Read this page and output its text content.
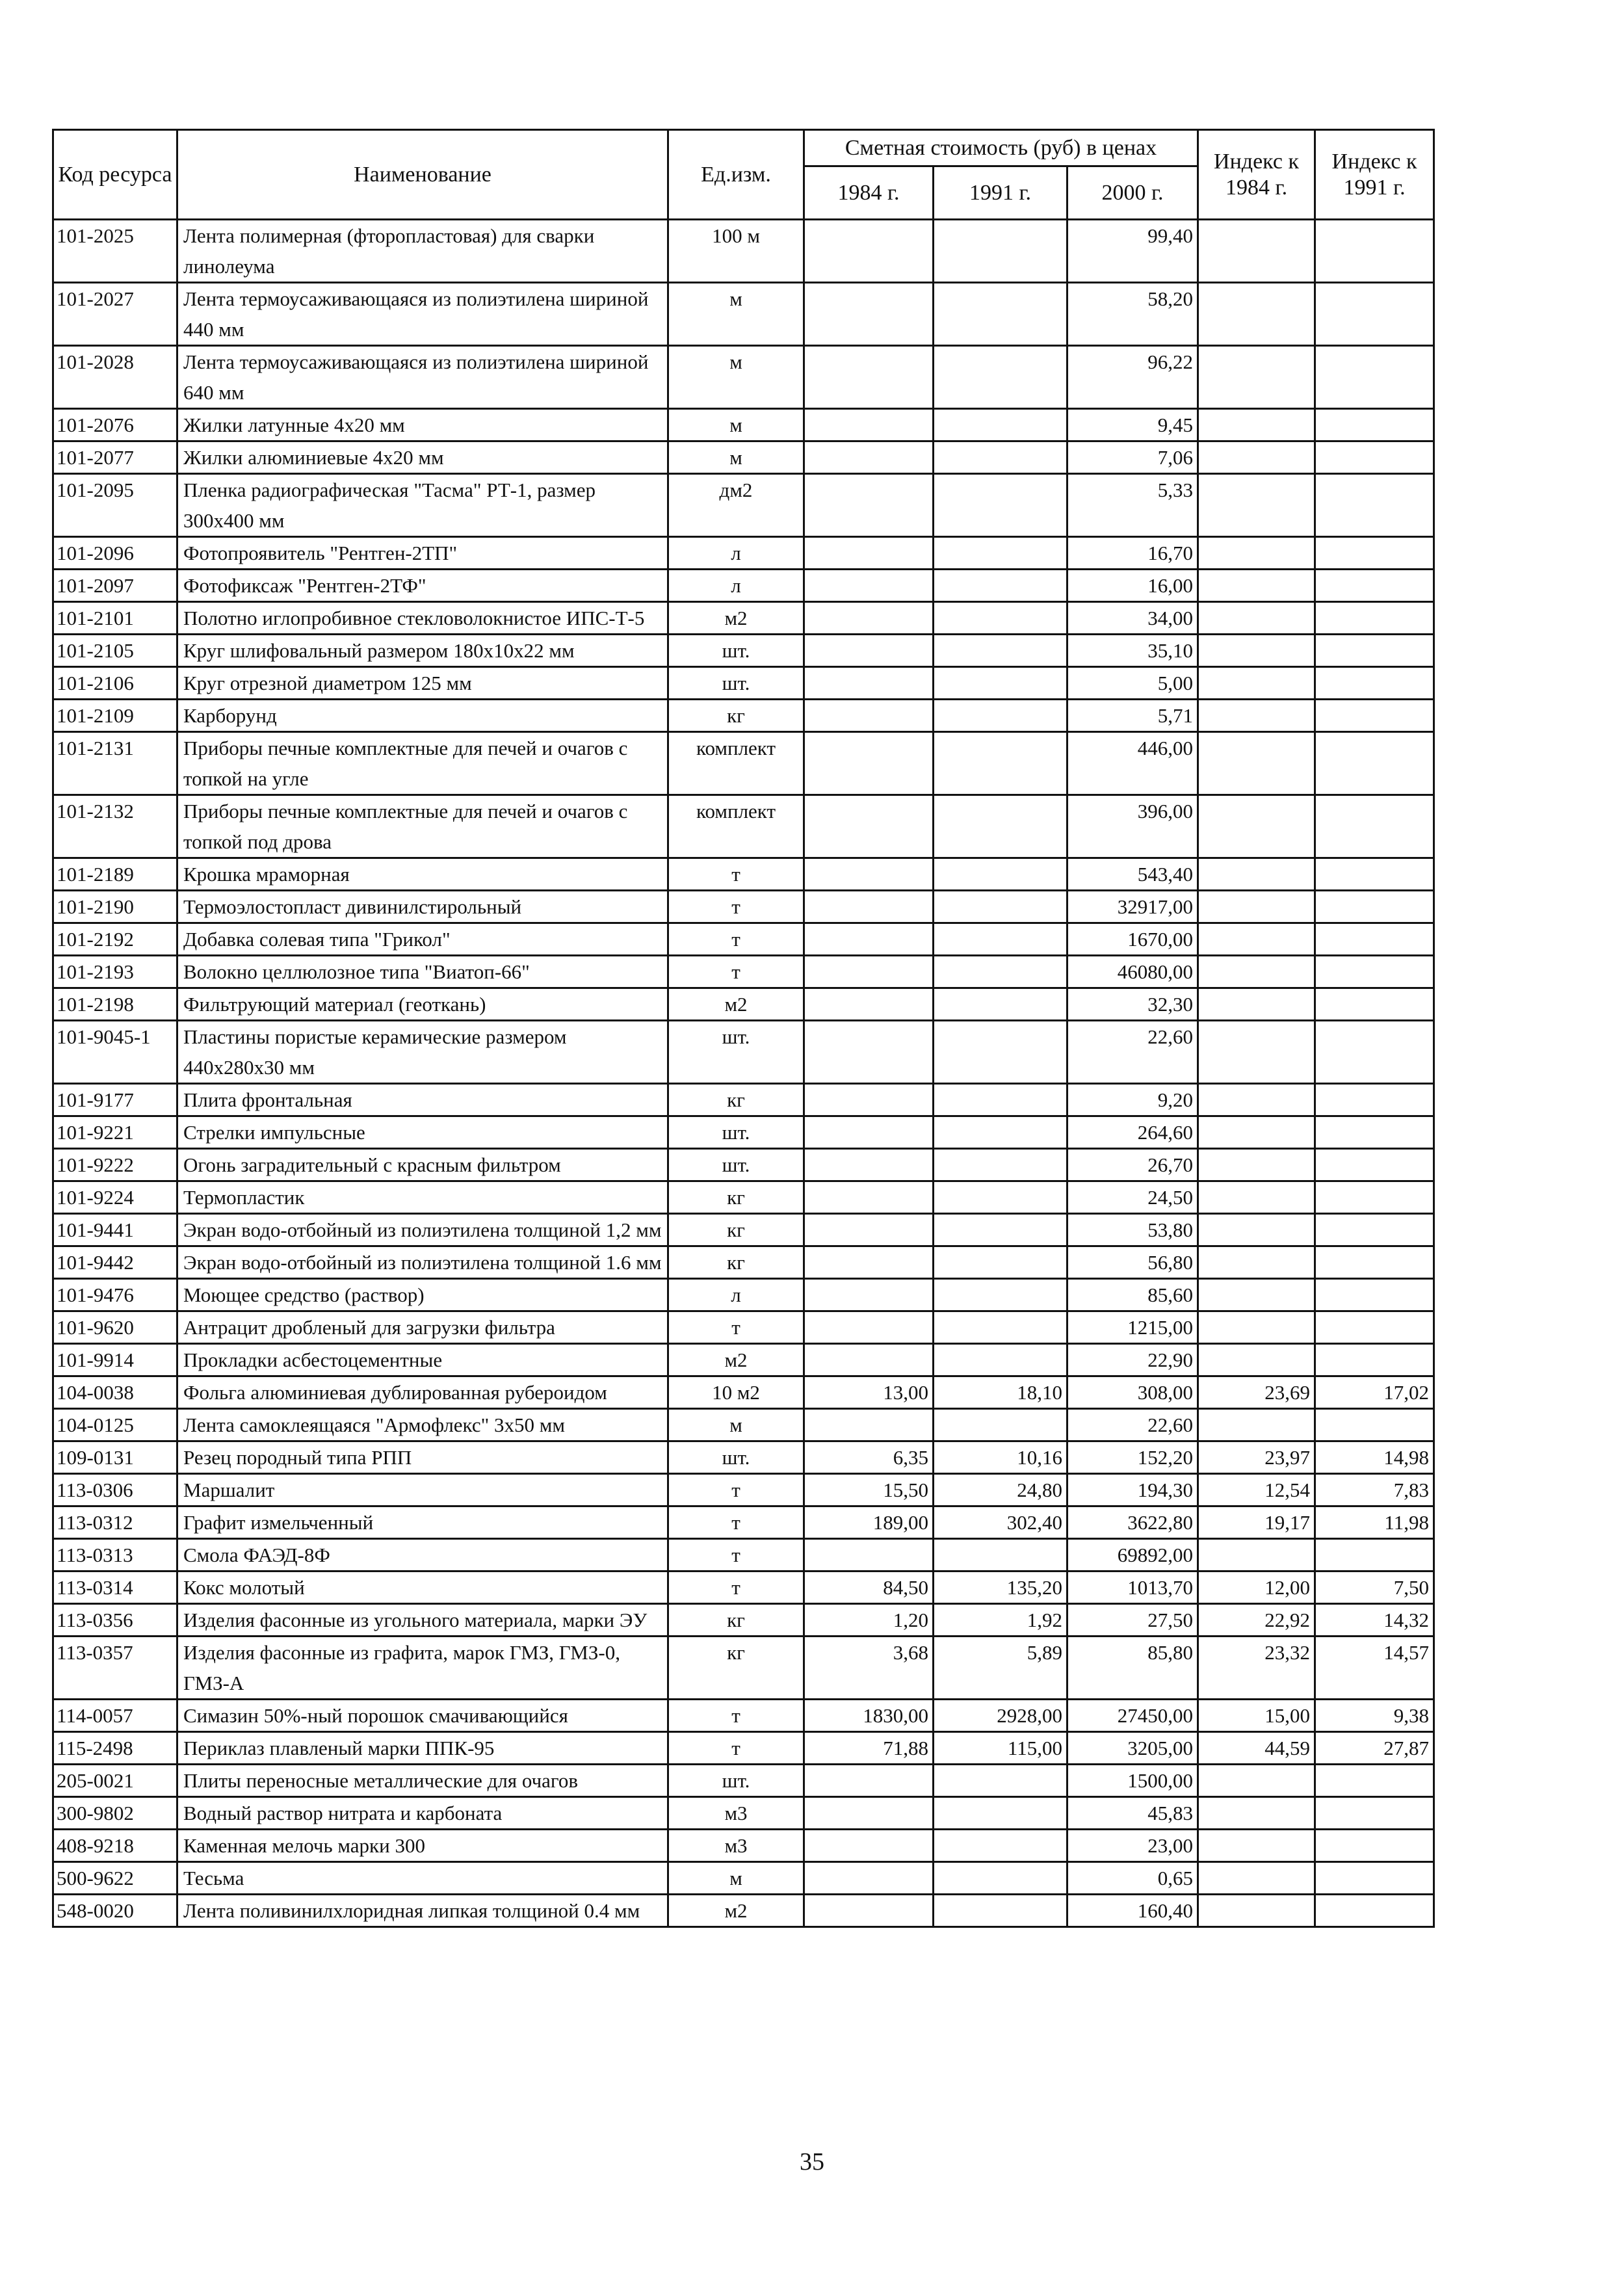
Код ресурса	Наименование	Ед.изм.	Сметная стоимость (руб) в ценах			Индекс к 1984 г.	Индекс к 1991 г.
			1984 г.	1991 г.	2000 г.		
101-2025	Лента полимерная (фторопластовая) для сварки линолеума	100 м			99,40		
101-2027	Лента термоусаживающаяся из полиэтилена шириной 440 мм	м			58,20		
101-2028	Лента термоусаживающаяся из полиэтилена шириной 640 мм	м			96,22		
101-2076	Жилки латунные 4х20 мм	м			9,45		
101-2077	Жилки алюминиевые 4х20 мм	м			7,06		
101-2095	Пленка радиографическая "Тасма" РТ-1, размер 300х400 мм	дм2			5,33		
101-2096	Фотопроявитель "Рентген-2ТП"	л			16,70		
101-2097	Фотофиксаж "Рентген-2ТФ"	л			16,00		
101-2101	Полотно иглопробивное стекловолокнистое ИПС-Т-5	м2			34,00		
101-2105	Круг шлифовальный размером 180х10х22 мм	шт.			35,10		
101-2106	Круг отрезной диаметром 125 мм	шт.			5,00		
101-2109	Карборунд	кг			5,71		
101-2131	Приборы печные комплектные для печей и очагов с топкой на угле	комплект			446,00		
101-2132	Приборы печные комплектные для печей и очагов с топкой под дрова	комплект			396,00		
101-2189	Крошка мраморная	т			543,40		
101-2190	Термоэлостопласт дивинилстирольный	т			32917,00		
101-2192	Добавка солевая типа "Грикол"	т			1670,00		
101-2193	Волокно целлюлозное типа "Виатоп-66"	т			46080,00		
101-2198	Фильтрующий материал (геоткань)	м2			32,30		
101-9045-1	Пластины пористые керамические размером 440х280х30 мм	шт.			22,60		
101-9177	Плита фронтальная	кг			9,20		
101-9221	Стрелки импульсные	шт.			264,60		
101-9222	Огонь заградительный с красным фильтром	шт.			26,70		
101-9224	Термопластик	кг			24,50		
101-9441	Экран водо-отбойный из полиэтилена толщиной 1,2 мм	кг			53,80		
101-9442	Экран водо-отбойный из полиэтилена толщиной 1.6 мм	кг			56,80		
101-9476	Моющее средство (раствор)	л			85,60		
101-9620	Антрацит дробленый для загрузки фильтра	т			1215,00		
101-9914	Прокладки асбестоцементные	м2			22,90		
104-0038	Фольга алюминиевая дублированная рубероидом	10 м2	13,00	18,10	308,00	23,69	17,02
104-0125	Лента самоклеящаяся "Армофлекс" 3х50 мм	м			22,60		
109-0131	Резец породный типа РПП	шт.	6,35	10,16	152,20	23,97	14,98
113-0306	Маршалит	т	15,50	24,80	194,30	12,54	7,83
113-0312	Графит измельченный	т	189,00	302,40	3622,80	19,17	11,98
113-0313	Смола ФАЭД-8Ф	т			69892,00		
113-0314	Кокс молотый	т	84,50	135,20	1013,70	12,00	7,50
113-0356	Изделия фасонные из угольного материала, марки ЭУ	кг	1,20	1,92	27,50	22,92	14,32
113-0357	Изделия фасонные из графита, марок ГМЗ, ГМЗ-0, ГМЗ-А	кг	3,68	5,89	85,80	23,32	14,57
114-0057	Симазин 50%-ный порошок смачивающийся	т	1830,00	2928,00	27450,00	15,00	9,38
115-2498	Периклаз плавленый марки ППК-95	т	71,88	115,00	3205,00	44,59	27,87
205-0021	Плиты переносные металлические для очагов	шт.			1500,00		
300-9802	Водный раствор нитрата и карбоната	м3			45,83		
408-9218	Каменная мелочь марки 300	м3			23,00		
500-9622	Тесьма	м			0,65		
548-0020	Лента поливинилхлоридная липкая толщиной 0.4 мм	м2			160,40		
35
